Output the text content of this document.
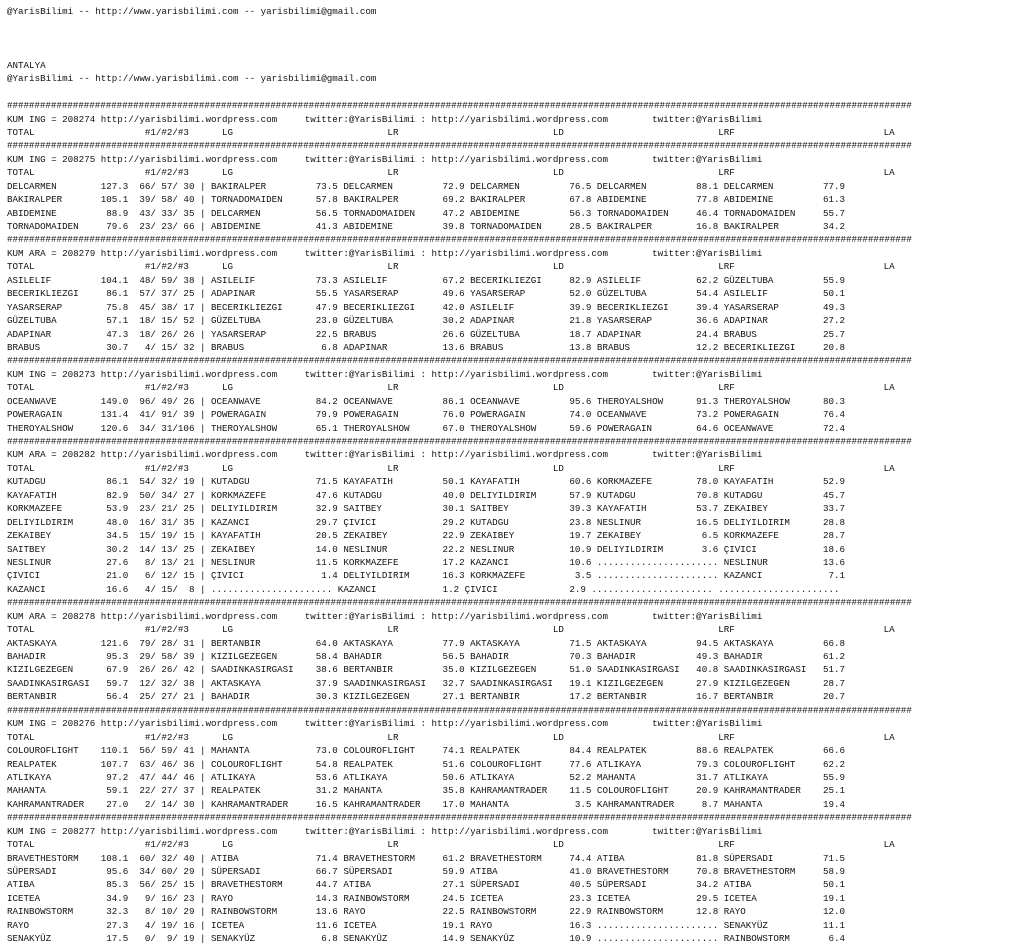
@YarisBilimi -- http://www.yarisbilimi.com -- yarisbilimi@gmail.com
ANTALYA
@YarisBilimi -- http://www.yarisbilimi.com -- yarisbilimi@gmail.com
#####################################################################################################################################################################
KUM ING = 208274 http://yarisbilimi.wordpress.com     twitter:@YarisBilimi : http://yarisbilimi.wordpress.com        twitter:@YarisBilimi
TOTAL                    #1/#2/#3      LG                            LR                            LD                            LRF                           LA
#####################################################################################################################################################################
KUM ING = 208275 http://yarisbilimi.wordpress.com     twitter:@YarisBilimi : http://yarisbilimi.wordpress.com        twitter:@YarisBilimi
TOTAL                    #1/#2/#3      LG                            LR                            LD                            LRF                           LA
DELCARMEN        127.3  66/ 57/ 30 | BAKIRALPER         73.5 DELCARMEN         72.9 DELCARMEN         76.5 DELCARMEN         88.1 DELCARMEN         77.9
BAKIRALPER       105.1  39/ 58/ 40 | TORNADOMAIDEN      57.8 BAKIRALPER        69.2 BAKIRALPER        67.8 ABIDEMINE         77.8 ABIDEMINE         61.3
ABIDEMINE         88.9  43/ 33/ 35 | DELCARMEN          56.5 TORNADOMAIDEN     47.2 ABIDEMINE         56.3 TORNADOMAIDEN     46.4 TORNADOMAIDEN     55.7
TORNADOMAIDEN     79.6  23/ 23/ 66 | ABIDEMINE          41.3 ABIDEMINE         39.8 TORNADOMAIDEN     28.5 BAKIRALPER        16.8 BAKIRALPER        34.2
#####################################################################################################################################################################
KUM ARA = 208279 http://yarisbilimi.wordpress.com     twitter:@YarisBilimi : http://yarisbilimi.wordpress.com        twitter:@YarisBilimi
TOTAL                    #1/#2/#3      LG                            LR                            LD                            LRF                           LA
ASILELIF         104.1  48/ 59/ 38 | ASILELIF           73.3 ASILELIF          67.2 BECERIKLIEZGI     82.9 ASILELIF          62.2 GÜZELTUBA         55.9
BECERIKLIEZGI     86.1  57/ 37/ 25 | ADAPINAR           55.5 YASARSERAP        49.6 YASARSERAP        52.0 GÜZELTUBA         54.4 ASILELIF          50.1
YASARSERAP        75.8  45/ 38/ 17 | BECERIKLIEZGI      47.9 BECERIKLIEZGI     42.0 ASILELIF          39.9 BECERIKLIEZGI     39.4 YASARSERAP        49.3
GÜZELTUBA         57.1  18/ 15/ 52 | GÜZELTUBA          23.0 GÜZELTUBA         30.2 ADAPINAR          21.8 YASARSERAP        36.6 ADAPINAR          27.2
ADAPINAR          47.3  18/ 26/ 26 | YASARSERAP         22.5 BRABUS            26.6 GÜZELTUBA         18.7 ADAPINAR          24.4 BRABUS            25.7
BRABUS            30.7   4/ 15/ 32 | BRABUS              6.8 ADAPINAR          13.6 BRABUS            13.8 BRABUS            12.2 BECERIKLIEZGI     20.8
#####################################################################################################################################################################
KUM ING = 208273 http://yarisbilimi.wordpress.com     twitter:@YarisBilimi : http://yarisbilimi.wordpress.com        twitter:@YarisBilimi
TOTAL                    #1/#2/#3      LG                            LR                            LD                            LRF                           LA
OCEANWAVE        149.0  96/ 49/ 26 | OCEANWAVE          84.2 OCEANWAVE         86.1 OCEANWAVE         95.6 THEROYALSHOW      91.3 THEROYALSHOW      80.3
POWERAGAIN       131.4  41/ 91/ 39 | POWERAGAIN         79.9 POWERAGAIN        76.0 POWERAGAIN        74.0 OCEANWAVE         73.2 POWERAGAIN        76.4
THEROYALSHOW     120.6  34/ 31/106 | THEROYALSHOW       65.1 THEROYALSHOW      67.0 THEROYALSHOW      59.6 POWERAGAIN        64.6 OCEANWAVE         72.4
#####################################################################################################################################################################
KUM ARA = 208282 http://yarisbilimi.wordpress.com     twitter:@YarisBilimi : http://yarisbilimi.wordpress.com        twitter:@YarisBilimi
TOTAL                    #1/#2/#3      LG                            LR                            LD                            LRF                           LA
KUTADGU           86.1  54/ 32/ 19 | KUTADGU            71.5 KAYAFATIH         50.1 KAYAFATIH         60.6 KORKMAZEFE        78.0 KAYAFATIH         52.9
KAYAFATIH         82.9  50/ 34/ 27 | KORKMAZEFE         47.6 KUTADGU           40.0 DELIYILDIRIM      57.9 KUTADGU           70.8 KUTADGU           45.7
KORKMAZEFE        53.9  23/ 21/ 25 | DELIYILDIRIM       32.9 SAITBEY           30.1 SAITBEY           39.3 KAYAFATIH         53.7 ZEKAIBEY          33.7
DELIYILDIRIM      48.0  16/ 31/ 35 | KAZANCI            29.7 ÇIVICI            29.2 KUTADGU           23.8 NESLINUR          16.5 DELIYILDIRIM      28.8
ZEKAIBEY          34.5  15/ 19/ 15 | KAYAFATIH          20.5 ZEKAIBEY          22.9 ZEKAIBEY          19.7 ZEKAIBEY           6.5 KORKMAZEFE        28.7
SAITBEY           30.2  14/ 13/ 25 | ZEKAIBEY           14.0 NESLINUR          22.2 NESLINUR          10.9 DELIYILDIRIM       3.6 ÇIVICI            18.6
NESLINUR          27.6   8/ 13/ 21 | NESLINUR           11.5 KORKMAZEFE        17.2 KAZANCI           10.6 ...................... NESLINUR          13.6
ÇIVICI            21.0   6/ 12/ 15 | ÇIVICI              1.4 DELIYILDIRIM      16.3 KORKMAZEFE         3.5 ...................... KAZANCI            7.1
KAZANCI           16.6   4/ 15/  8 | ...................... KAZANCI            1.2 ÇIVICI             2.9 ...................... ......................
#####################################################################################################################################################################
KUM ARA = 208278 http://yarisbilimi.wordpress.com     twitter:@YarisBilimi : http://yarisbilimi.wordpress.com        twitter:@YarisBilimi
TOTAL                    #1/#2/#3      LG                            LR                            LD                            LRF                           LA
AKTASKAYA        121.6  79/ 28/ 31 | BERTANBIR          64.0 AKTASKAYA         77.9 AKTASKAYA         71.5 AKTASKAYA         94.5 AKTASKAYA         66.8
BAHADIR           95.3  29/ 58/ 39 | KIZILGEZEGEN       58.4 BAHADIR           56.5 BAHADIR           70.3 BAHADIR           49.3 BAHADIR           61.2
KIZILGEZEGEN      67.9  26/ 26/ 42 | SAADINKASIRGASI    38.6 BERTANBIR         35.0 KIZILGEZEGEN      51.0 SAADINKASIRGASI   40.8 SAADINKASIRGASI   51.7
SAADINKASIRGASI   59.7  12/ 32/ 38 | AKTASKAYA          37.9 SAADINKASIRGASI   32.7 SAADINKASIRGASI   19.1 KIZILGEZEGEN      27.9 KIZILGEZEGEN      28.7
BERTANBIR         56.4  25/ 27/ 21 | BAHADIR            30.3 KIZILGEZEGEN      27.1 BERTANBIR         17.2 BERTANBIR         16.7 BERTANBIR         20.7
#####################################################################################################################################################################
KUM ING = 208276 http://yarisbilimi.wordpress.com     twitter:@YarisBilimi : http://yarisbilimi.wordpress.com        twitter:@YarisBilimi
TOTAL                    #1/#2/#3      LG                            LR                            LD                            LRF                           LA
COLOUROFLIGHT    110.1  56/ 59/ 41 | MAHANTA            73.0 COLOUROFLIGHT     74.1 REALPATEK         84.4 REALPATEK         88.6 REALPATEK         66.6
REALPATEK        107.7  63/ 46/ 36 | COLOUROFLIGHT      54.8 REALPATEK         51.6 COLOUROFLIGHT     77.6 ATLIKAYA          79.3 COLOUROFLIGHT     62.2
ATLIKAYA          97.2  47/ 44/ 46 | ATLIKAYA           53.6 ATLIKAYA          50.6 ATLIKAYA          52.2 MAHANTA           31.7 ATLIKAYA          55.9
MAHANTA           59.1  22/ 27/ 37 | REALPATEK          31.2 MAHANTA           35.8 KAHRAMANTRADER    11.5 COLOUROFLIGHT     20.9 KAHRAMANTRADER    25.1
KAHRAMANTRADER    27.0   2/ 14/ 30 | KAHRAMANTRADER     16.5 KAHRAMANTRADER    17.0 MAHANTA            3.5 KAHRAMANTRADER     8.7 MAHANTA           19.4
#####################################################################################################################################################################
KUM ING = 208277 http://yarisbilimi.wordpress.com     twitter:@YarisBilimi : http://yarisbilimi.wordpress.com        twitter:@YarisBilimi
TOTAL                    #1/#2/#3      LG                            LR                            LD                            LRF                           LA
BRAVETHESTORM    108.1  60/ 32/ 40 | ATIBA              71.4 BRAVETHESTORM     61.2 BRAVETHESTORM     74.4 ATIBA             81.8 SÜPERSADI         71.5
SÜPERSADI         95.6  34/ 60/ 29 | SÜPERSADI          66.7 SÜPERSADI         59.9 ATIBA             41.0 BRAVETHESTORM     70.8 BRAVETHESTORM     58.9
ATIBA             85.3  56/ 25/ 15 | BRAVETHESTORM      44.7 ATIBA             27.1 SÜPERSADI         40.5 SÜPERSADI         34.2 ATIBA             50.1
ICETEA            34.9   9/ 16/ 23 | RAYO               14.3 RAINBOWSTORM      24.5 ICETEA            23.3 ICETEA            29.5 ICETEA            19.1
RAINBOWSTORM      32.3   8/ 10/ 29 | RAINBOWSTORM       13.6 RAYO              22.5 RAINBOWSTORM      22.9 RAINBOWSTORM      12.8 RAYO              12.0
RAYO              27.3   4/ 19/ 16 | ICETEA             11.6 ICETEA            19.1 RAYO              16.3 ...................... SENAKYÜZ          11.1
SENAKYÜZ          17.5   0/  9/ 19 | SENAKYÜZ            6.8 SENAKYÜZ          14.9 SENAKYÜZ          10.9 ...................... RAINBOWSTORM       6.4
